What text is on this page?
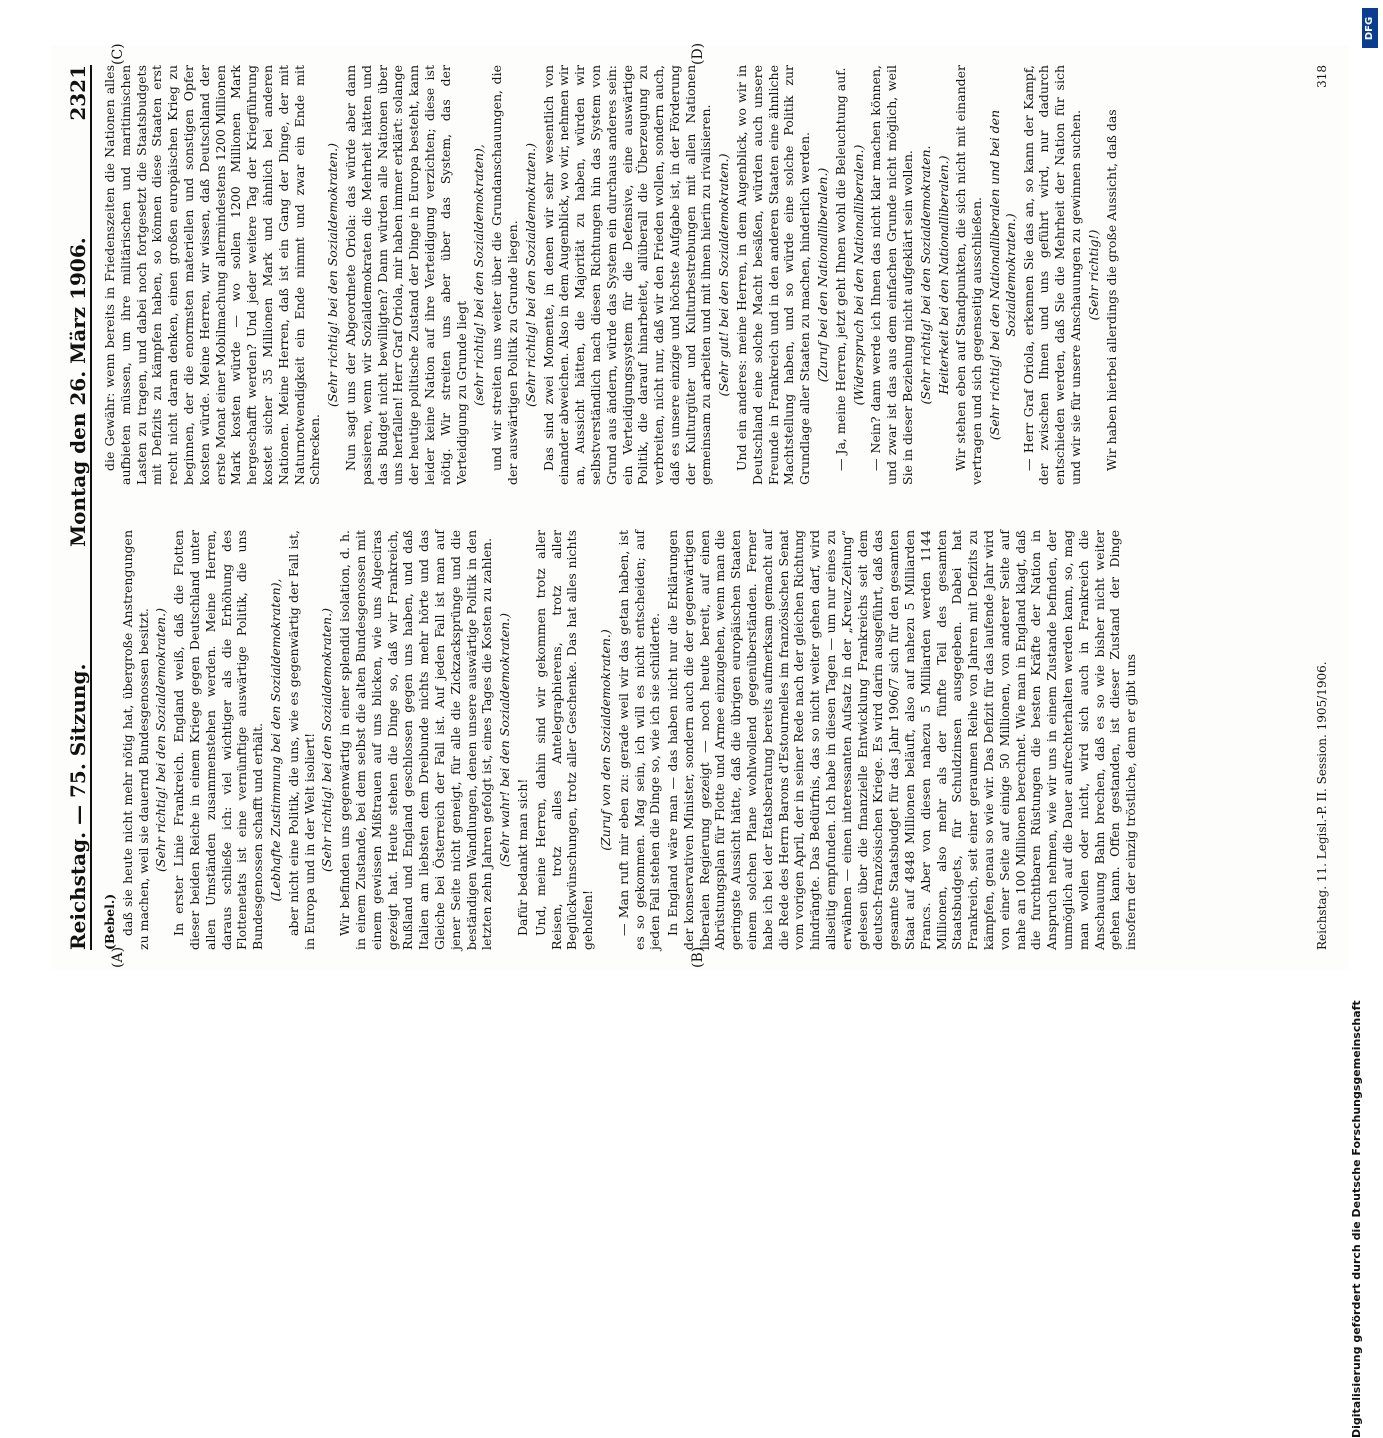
Reichstag. — 75. Sitzung.
Montag den 26. März 1906.
2321
(A)	(B)
(C)	(D)

(Bebel.) daß sie heute nicht mehr nötig hat, übergroße Anstrengungen zu machen, weil sie dauernd Bundesgenossen besitzt. (Sehr richtig! bei den Sozialdemokraten.) In erster Linie Frankreich. England weiß, daß die Flotten dieser beiden Reiche in einem Kriege gegen Deutschland unter allen Umständen zusammenstehen werden. Meine Herren, daraus schließe ich: viel wichtiger als die Erhöhung des Flottenetats ist eine vernünftige auswärtige Politik, die uns Bundesgenossen schafft und erhält. (Lebhafte Zustimmung bei den Sozialdemokraten), aber nicht eine Politik, die uns, wie es gegenwärtig der Fall ist, in Europa und in der Welt isoliert! (Sehr richtig! bei den Sozialdemokraten.) Wir befinden uns gegenwärtig in einer splendid isolation, d. h. in einem Zustande, bei dem selbst die alten Bundesgenossen mit einem gewissen Mißtrauen auf uns blicken, wie uns Algeciras gezeigt hat. Heute stehen die Dinge so, daß wir Frankreich, Rußland und England geschlossen gegen uns haben, und daß Italien am liebsten dem Dreibunde nichts mehr hörte und das Gleiche bei Österreich der Fall ist. Auf jeden Fall ist man auf jener Seite nicht geneigt, für alle die Zickzacksprünge und die beständigen Wandlungen, denen unsere auswärtige Politik in den letzten zehn Jahren gefolgt ist, eines Tages die Kosten zu zahlen. (Sehr wahr! bei den Sozialdemokraten.) Dafür bedankt man sich! Und, meine Herren, dahin sind wir gekommen trotz aller Reisen, trotz alles Antelegraphierens, trotz aller Beglückwünschungen, trotz aller Geschenke. Das hat alles nichts geholfen!

(Zuruf von den Sozialdemokraten.) — Man ruft mir eben zu: gerade weil wir das getan haben, ist es so gekommen. Mag sein, ich will es nicht entscheiden; auf jeden Fall stehen die Dinge so, wie ich sie schilderte. In England wäre man — das haben nicht nur die Erklärungen der konservativen Minister, sondern auch die der gegenwärtigen liberalen Regierung gezeigt — noch heute bereit, auf einen Abrüstungsplan für Flotte und Armee einzugehen, wenn man die geringste Aussicht hätte, daß die übrigen europäischen Staaten einem solchen Plane wohlwollend gegenüberständen. Ferner habe ich bei der Etatsberatung bereits aufmerksam gemacht auf die Rede des Herrn Barons d'Estournelles im französischen Senat vom vorigen April, der in seiner Rede nach der gleichen Richtung hindrängte. Das Bedürfnis, das so nicht weiter gehen darf, wird allseitig empfunden. Ich habe in diesen Tagen — um nur eines zu erwähnen — einen interessanten Aufsatz in der „Kreuz-Zeitung“ gelesen über die finanzielle Entwicklung Frankreichs seit dem deutsch-französischen Kriege. Es wird darin ausgeführt, daß das gesamte Staatsbudget für das Jahr 1906/7 sich für den gesamten Staat auf 4848 Millionen beläuft, also auf nahezu 5 Milliarden Francs. Aber von diesen nahezu 5 Milliarden werden 1144 Millionen, also mehr als der fünfte Teil des gesamten Staatsbudgets, für Schuldzinsen ausgegeben. Dabei hat Frankreich, seit einer geraumen Reihe von Jahren mit Defizits zu kämpfen, genau so wie wir. Das Defizit für das laufende Jahr wird von einer Seite auf einige 50 Millionen, von anderer Seite auf nahe an 100 Millionen berechnet. Wie man in England klagt, daß die furchtbaren Rüstungen die besten Kräfte der Nation in Anspruch nehmen, wie wir uns in einem Zustande befinden, der unmöglich auf die Dauer aufrechterhalten werden kann, so, mag man wollen oder nicht, wird sich auch in Frankreich die Anschauung Bahn brechen, daß es so wie bisher nicht weiter gehen kann. Offen gestanden, ist dieser Zustand der Dinge insofern der einzig tröstliche, denn er gibt uns

die Gewähr: wenn bereits in Friedenszeiten die Nationen alles aufbieten müssen, um ihre militärischen und maritimischen Lasten zu tragen, und dabei noch fortgesetzt die Staatsbudgets mit Defizits zu kämpfen haben, so können diese Staaten erst recht nicht daran denken, einen großen europäischen Krieg zu beginnen, der die enormsten materiellen und sonstigen Opfer kosten würde. Meine Herren, wir wissen, daß Deutschland der erste Monat einer Mobilmachung allermindestens 1200 Millionen Mark kosten würde — wo sollen 1200 Millionen Mark hergeschafft werden? Und jeder weitere Tag der Kriegführung kostet sicher 35 Millionen Mark und ähnlich bei anderen Nationen. Meine Herren, daß ist ein Gang der Dinge, der mit Naturnotwendigkeit ein Ende nimmt und zwar ein Ende mit Schrecken.

(Sehr richtig! bei den Sozialdemokraten.) Nun sagt uns der Abgeordnete Oriola: das würde aber dann passieren, wenn wir Sozialdemokraten die Mehrheit hätten und das Budget nicht bewilligten? Dann würden alle Nationen über uns herfallen! Herr Graf Oriola, mir haben immer erklärt: solange der heutige politische Zustand der Dinge in Europa besteht, kann leider keine Nation auf ihre Verteidigung verzichten; diese ist nötig. Wir streiten uns aber über das System, das der Verteidigung zu Grunde liegt (sehr richtig! bei den Sozialdemokraten), und wir streiten uns weiter über die Grundanschauungen, die der auswärtigen Politik zu Grunde liegen. (Sehr richtig! bei den Sozialdemokraten.) Das sind zwei Momente, in denen wir sehr wesentlich von einander abweichen. Also in dem Augenblick, wo wir, nehmen wir an, Aussicht hätten, die Majorität zu haben, würden wir selbstverständlich nach diesen Richtungen hin das System von Grund aus ändern, würde das System ein durchaus anderes sein: ein Verteidigungssystem für die Defensive, eine auswärtige Politik, die darauf hinarbeitet, allüberall die Überzeugung zu verbreiten, nicht nur, daß wir den Frieden wollen, sondern auch, daß es unsere einzige und höchste Aufgabe ist, in der Förderung der Kulturgüter und Kulturbestrebungen mit allen Nationen gemeinsam zu arbeiten und mit ihnen hierin zu rivalisieren. (Sehr gut! bei den Sozialdemokraten.) Und ein anderes: meine Herren, in dem Augenblick, wo wir in Deutschland eine solche Macht besäßen, würden auch unsere Freunde in Frankreich und in den anderen Staaten eine ähnliche Machtstellung haben, und so würde eine solche Politik zur Grundlage aller Staaten zu machen, hinderlich werden. (Zuruf bei den Nationalliberalen.) — Ja, meine Herren, jetzt geht Ihnen wohl die Beleuchtung auf. (Widerspruch bei den Nationalliberalen.) — Nein? dann werde ich Ihnen das nicht klar machen können, und zwar ist das aus dem einfachen Grunde nicht möglich, weil Sie in dieser Beziehung nicht aufgeklärt sein wollen. (Sehr richtig! bei den Sozialdemokraten. Heiterkeit bei den Nationalliberalen.) Wir stehen eben auf Standpunkten, die sich nicht mit einander vertragen und sich gegenseitig ausschließen. (Sehr richtig! bei den Nationalliberalen und bei den Sozialdemokraten.) — Herr Graf Oriola, erkennen Sie das an, so kann der Kampf, der zwischen Ihnen und uns geführt wird, nur dadurch entschieden werden, daß Sie die Mehrheit der Nation für sich und wir sie für unsere Anschauungen zu gewinnen suchen. (Sehr richtig!) Wir haben hierbei allerdings die große Aussicht, daß das

Reichstag. 11. Legisl.-P. II. Session. 1905/1906.
318
DFG
Digitalisierung gefördert durch die Deutsche Forschungsgemeinschaft
